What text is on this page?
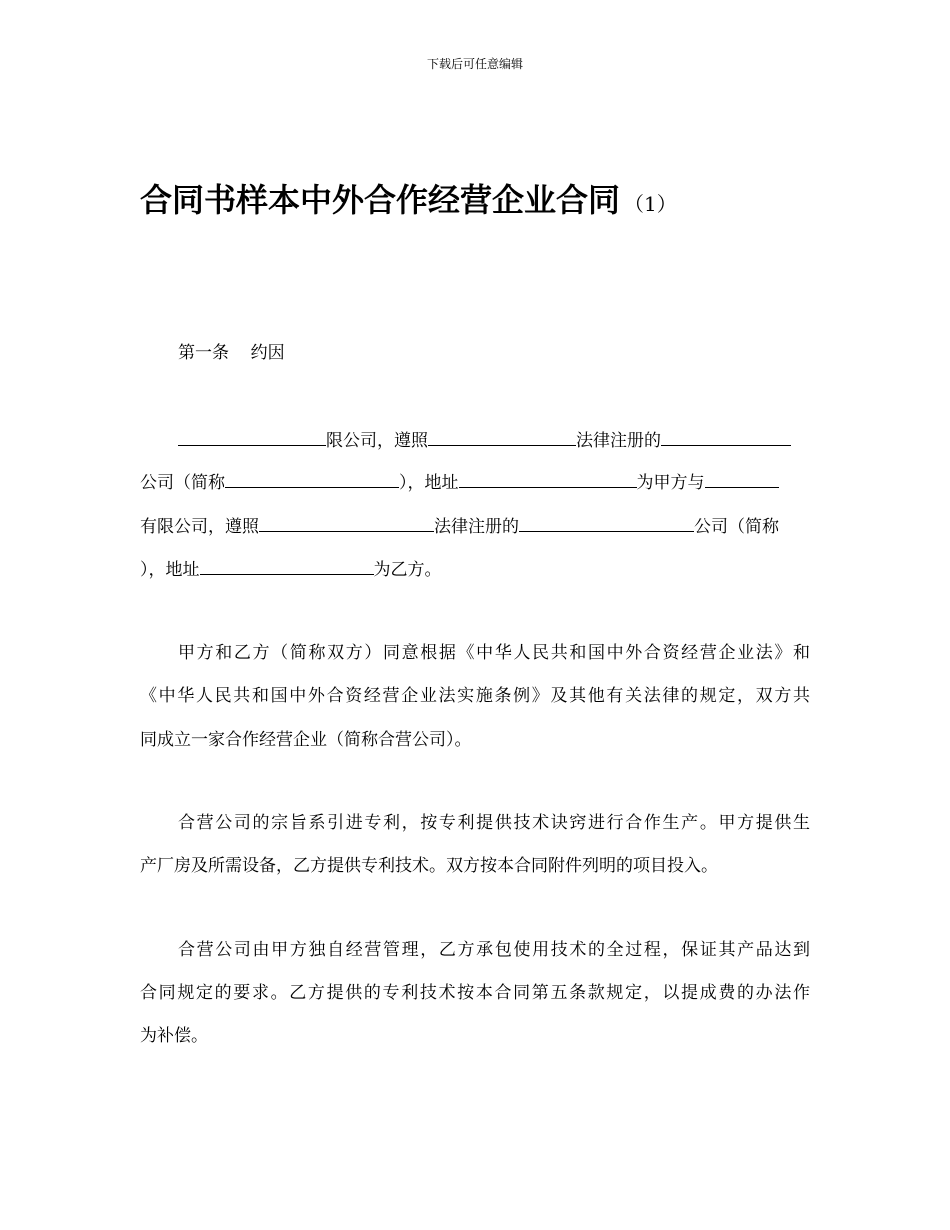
下载后可任意编辑
合同书样本中外合作经营企业合同 （1）
第一条    约因
限公司，遵照	法律注册的
公司（简称	），地址	为甲方与
有限公司，遵照	法律注册的	公司（简称
），地址	为乙方。
甲方和乙方（简称双方）同意根据《中华人民共和国中外合资经营企业法》和
《中华人民共和国中外合资经营企业法实施条例》及其他有关法律的规定，双方共
同成立一家合作经营企业（简称合营公司）。
合营公司的宗旨系引进专利，按专利提供技术诀窍进行合作生产。甲方提供生
产厂房及所需设备，乙方提供专利技术。双方按本合同附件列明的项目投入。
合营公司由甲方独自经营管理，乙方承包使用技术的全过程，保证其产品达到
合同规定的要求。乙方提供的专利技术按本合同第五条款规定，以提成费的办法作
为补偿。
